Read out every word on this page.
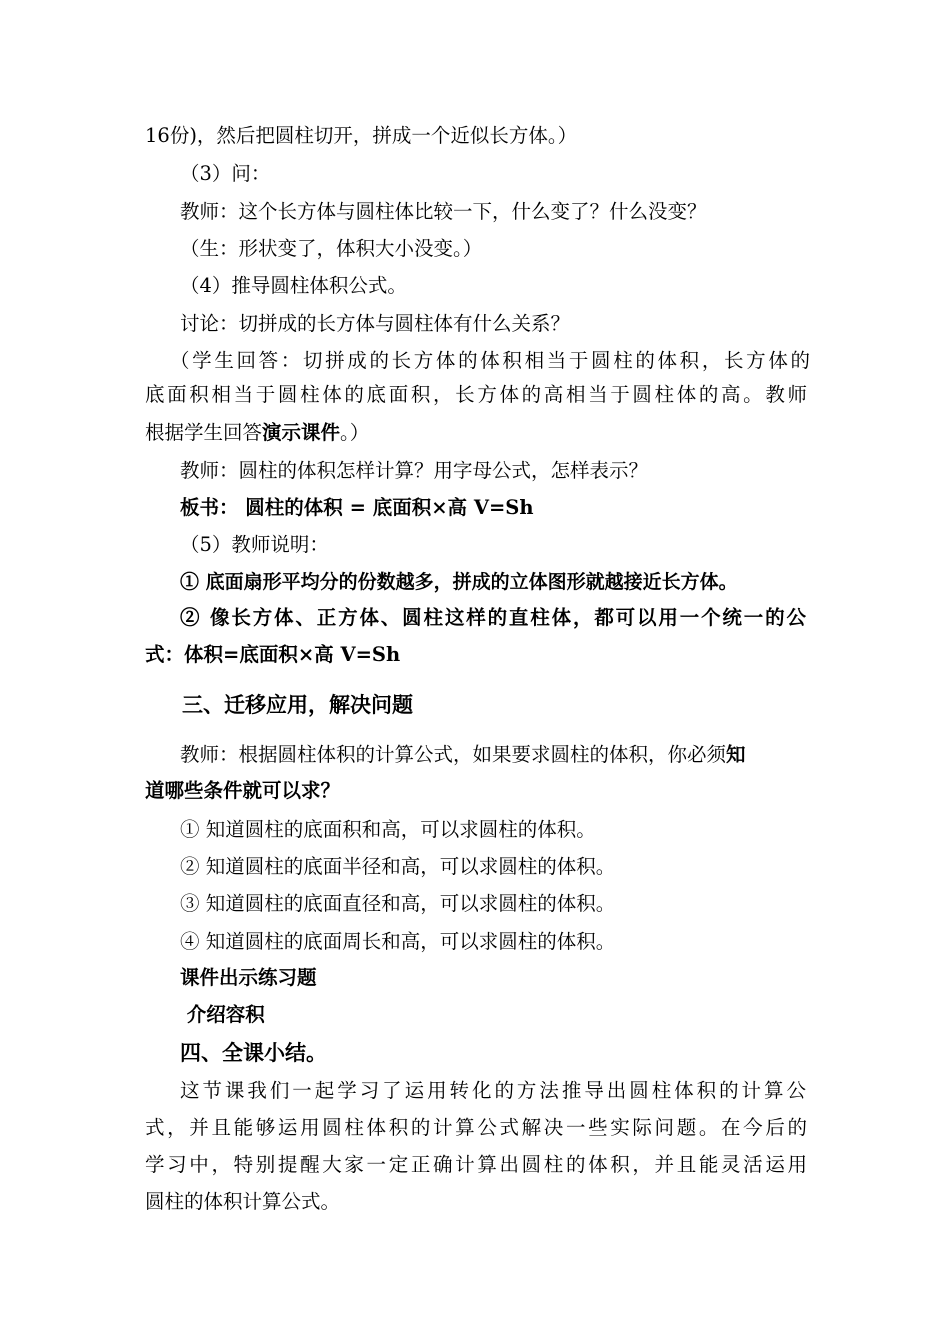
16份)，然后把圆柱切开，拼成一个近似长方体。）
（3）问：
教师：这个长方体与圆柱体比较一下，什么变了？什么没变？
（生：形状变了，体积大小没变。）
（4）推导圆柱体积公式。
讨论：切拼成的长方体与圆柱体有什么关系？
（学生回答：切拼成的长方体的体积相当于圆柱的体积，长方体的
底面积相当于圆柱体的底面积，长方体的高相当于圆柱体的高。教师
根据学生回答演示课件。）
教师：圆柱的体积怎样计算？用字母公式，怎样表示？
板书： 圆柱的体积 = 底面积×高 V=Sh
（5）教师说明：
① 底面扇形平均分的份数越多，拼成的立体图形就越接近长方体。
② 像长方体、正方体、圆柱这样的直柱体，都可以用一个统一的公
式：体积=底面积×高 V=Sh
三、迁移应用，解决问题
教师：根据圆柱体积的计算公式，如果要求圆柱的体积，你必须知
道哪些条件就可以求？
① 知道圆柱的底面积和高，可以求圆柱的体积。
② 知道圆柱的底面半径和高，可以求圆柱的体积。
③ 知道圆柱的底面直径和高，可以求圆柱的体积。
④ 知道圆柱的底面周长和高，可以求圆柱的体积。
课件出示练习题
介绍容积
四、全课小结。
这节课我们一起学习了运用转化的方法推导出圆柱体积的计算公
式，并且能够运用圆柱体积的计算公式解决一些实际问题。在今后的
学习中，特别提醒大家一定正确计算出圆柱的体积，并且能灵活运用
圆柱的体积计算公式。
